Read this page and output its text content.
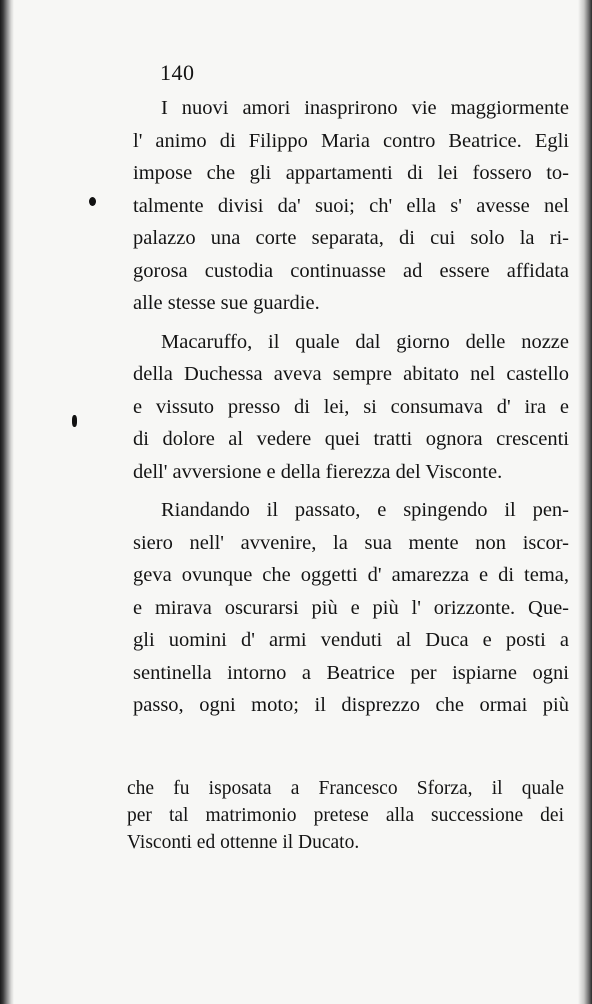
140

I nuovi amori inasprirono vie maggiormente
l' animo di Filippo Maria contro Beatrice. Egli
impose che gli appartamenti di lei fossero to-
talmente divisi da' suoi; ch' ella s' avesse nel
palazzo una corte separata, di cui solo la ri-
gorosa custodia continuasse ad essere affidata
alle stesse sue guardie.

Macaruffo, il quale dal giorno delle nozze
della Duchessa aveva sempre abitato nel castello
e vissuto presso di lei, si consumava d' ira e
di dolore al vedere quei tratti ognora crescenti
dell' avversione e della fierezza del Visconte.

Riandando il passato, e spingendo il pen-
siero nell' avvenire, la sua mente non iscor-
geva ovunque che oggetti d' amarezza e di tema,
e mirava oscurarsi più e più l' orizzonte. Que-
gli uomini d' armi venduti al Duca e posti a
sentinella intorno a Beatrice per ispiarne ogni
passo, ogni moto; il disprezzo che ormai più

che fu isposata a Francesco Sforza, il quale
per tal matrimonio pretese alla successione dei
Visconti ed ottenne il Ducato.
